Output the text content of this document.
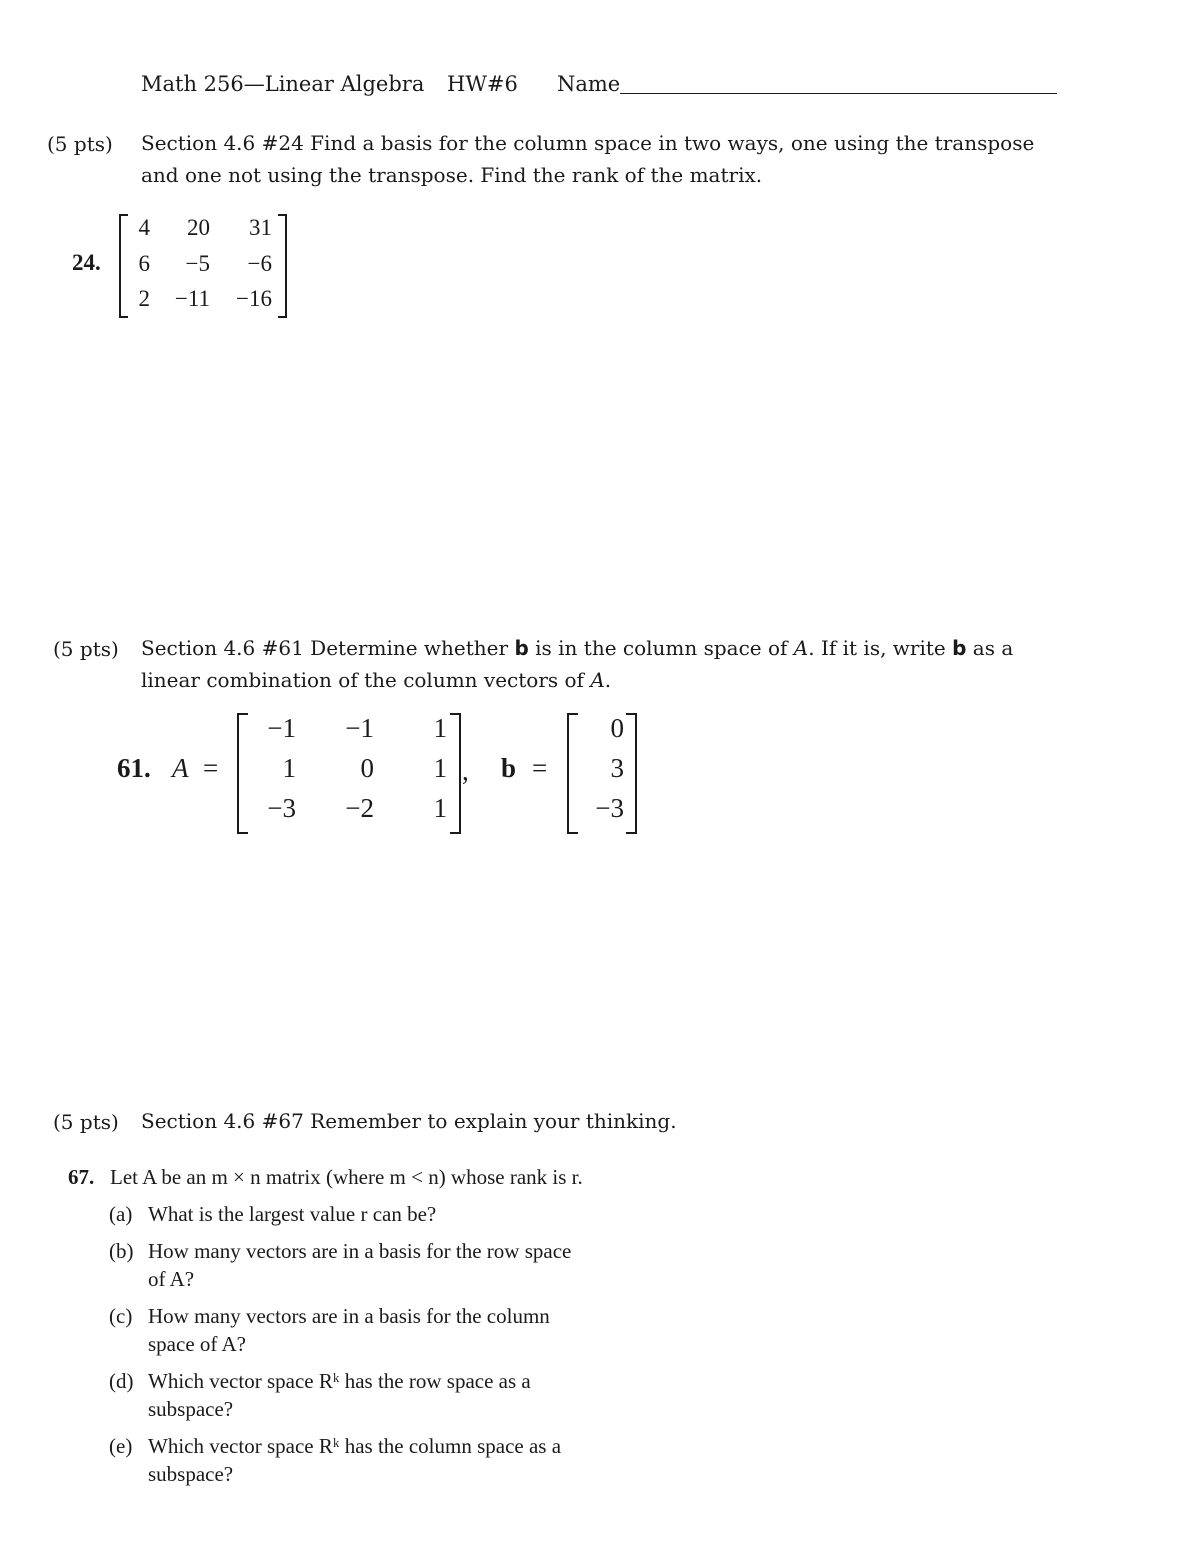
Math 256—Linear Algebra HW#6 Name
(5 pts) Section 4.6 #24 Find a basis for the column space in two ways, one using the transpose
and one not using the transpose. Find the rank of the matrix.
24.
4	20	31
6	−5	−6
2	−11	−16
(5 pts) Section 4.6 #61 Determine whether b is in the column space of A. If it is, write b as a
linear combination of the column vectors of A.
61. A =
−1	−1	1
1	0	1
−3	−2	1
, b =
0
3
−3
(5 pts) Section 4.6 #67 Remember to explain your thinking.
67. Let A be an m × n matrix (where m < n) whose rank is r.
(a) What is the largest value r can be?
(b) How many vectors are in a basis for the row space
of A?
(c) How many vectors are in a basis for the column
space of A?
(d) Which vector space Rᵏ has the row space as a
subspace?
(e) Which vector space Rᵏ has the column space as a
subspace?
